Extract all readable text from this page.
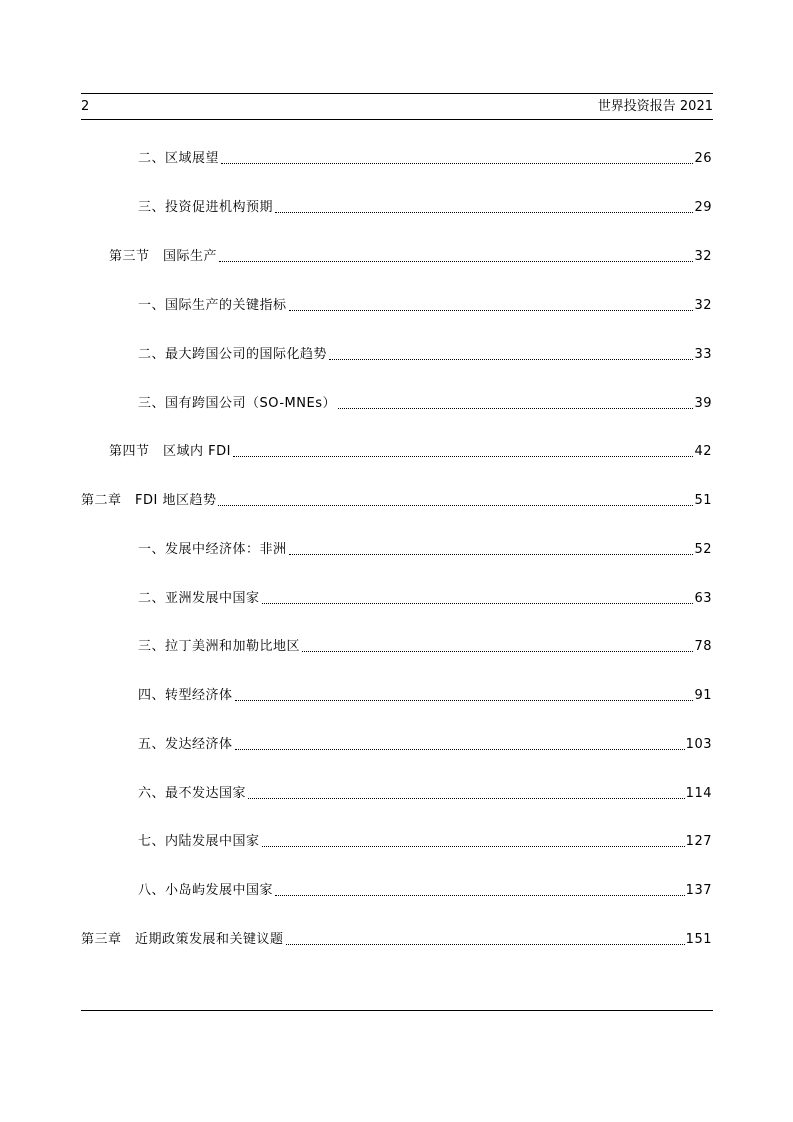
2	世界投资报告 2021
二、区域展望	26
三、投资促进机构预期	29
第三节　国际生产	32
一、国际生产的关键指标	32
二、最大跨国公司的国际化趋势	33
三、国有跨国公司（SO-MNEs）	39
第四节　区域内 FDI	42
第二章　FDI 地区趋势	51
一、发展中经济体：非洲	52
二、亚洲发展中国家	63
三、拉丁美洲和加勒比地区	78
四、转型经济体	91
五、发达经济体	103
六、最不发达国家	114
七、内陆发展中国家	127
八、小岛屿发展中国家	137
第三章　近期政策发展和关键议题	151
